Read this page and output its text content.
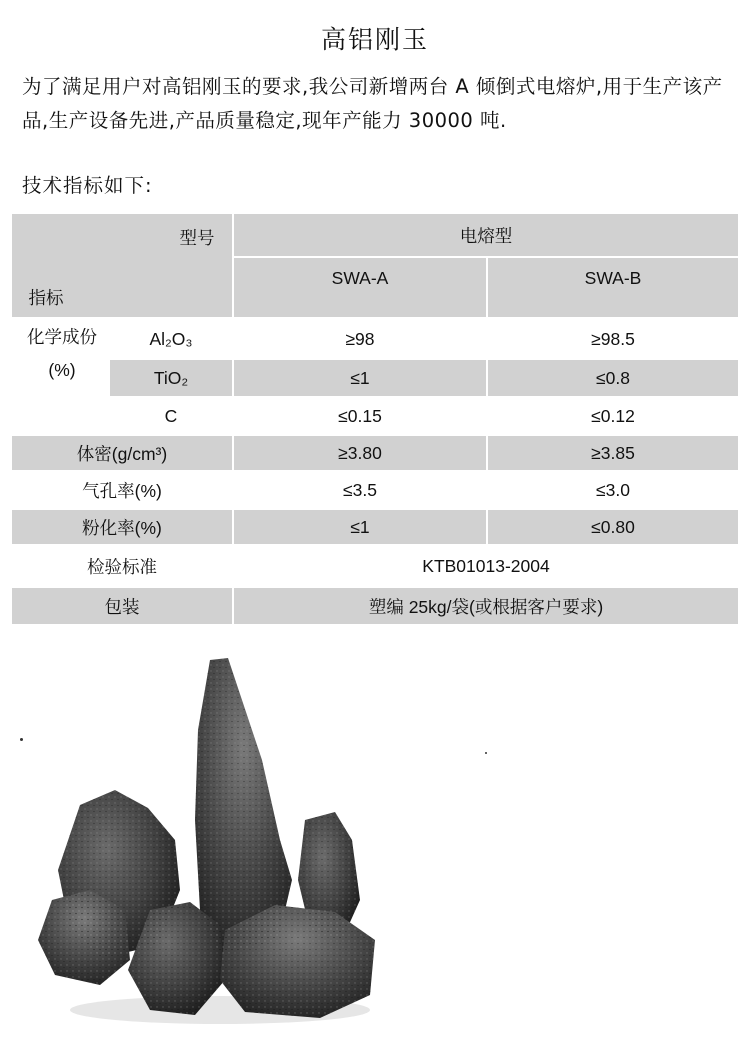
高铝刚玉
为了满足用户对高铝刚玉的要求,我公司新增两台 A 倾倒式电熔炉,用于生产该产品,生产设备先进,产品质量稳定,现年产能力 30000 吨.
技术指标如下:
型号
指标
电熔型
SWA-A	SWA-B
化学成份
(%)
Al₂O₃	≥98	≥98.5
TiO₂	≤1	≤0.8
C	≤0.15	≤0.12
体密(g/cm³)	≥3.80	≥3.85
气孔率(%)	≤3.5	≤3.0
粉化率(%)	≤1	≤0.80
检验标准	KTB01013-2004
包装	塑编 25kg/袋(或根据客户要求)
